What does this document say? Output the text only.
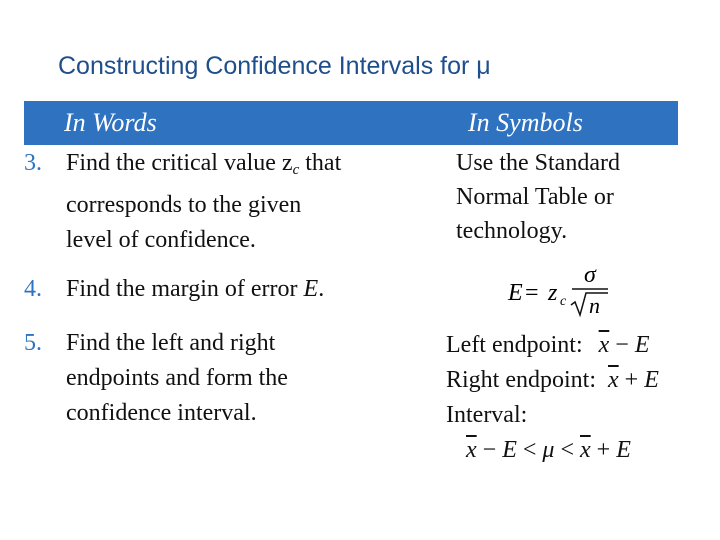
Constructing Confidence Intervals for μ
In Words	In Symbols
3. Find the critical value $z_c$ that
corresponds to the given
level of confidence.
Use the Standard
Normal Table or
technology.
4. Find the margin of error E.	E = z c
σ
n
5. Find the left and right
endpoints and form the
confidence interval.
Left endpoint: $\overline{x} - E$
Right endpoint: $\overline{x} + E$
Interval:
$\overline{x} - E < \mu < \overline{x} + E$
